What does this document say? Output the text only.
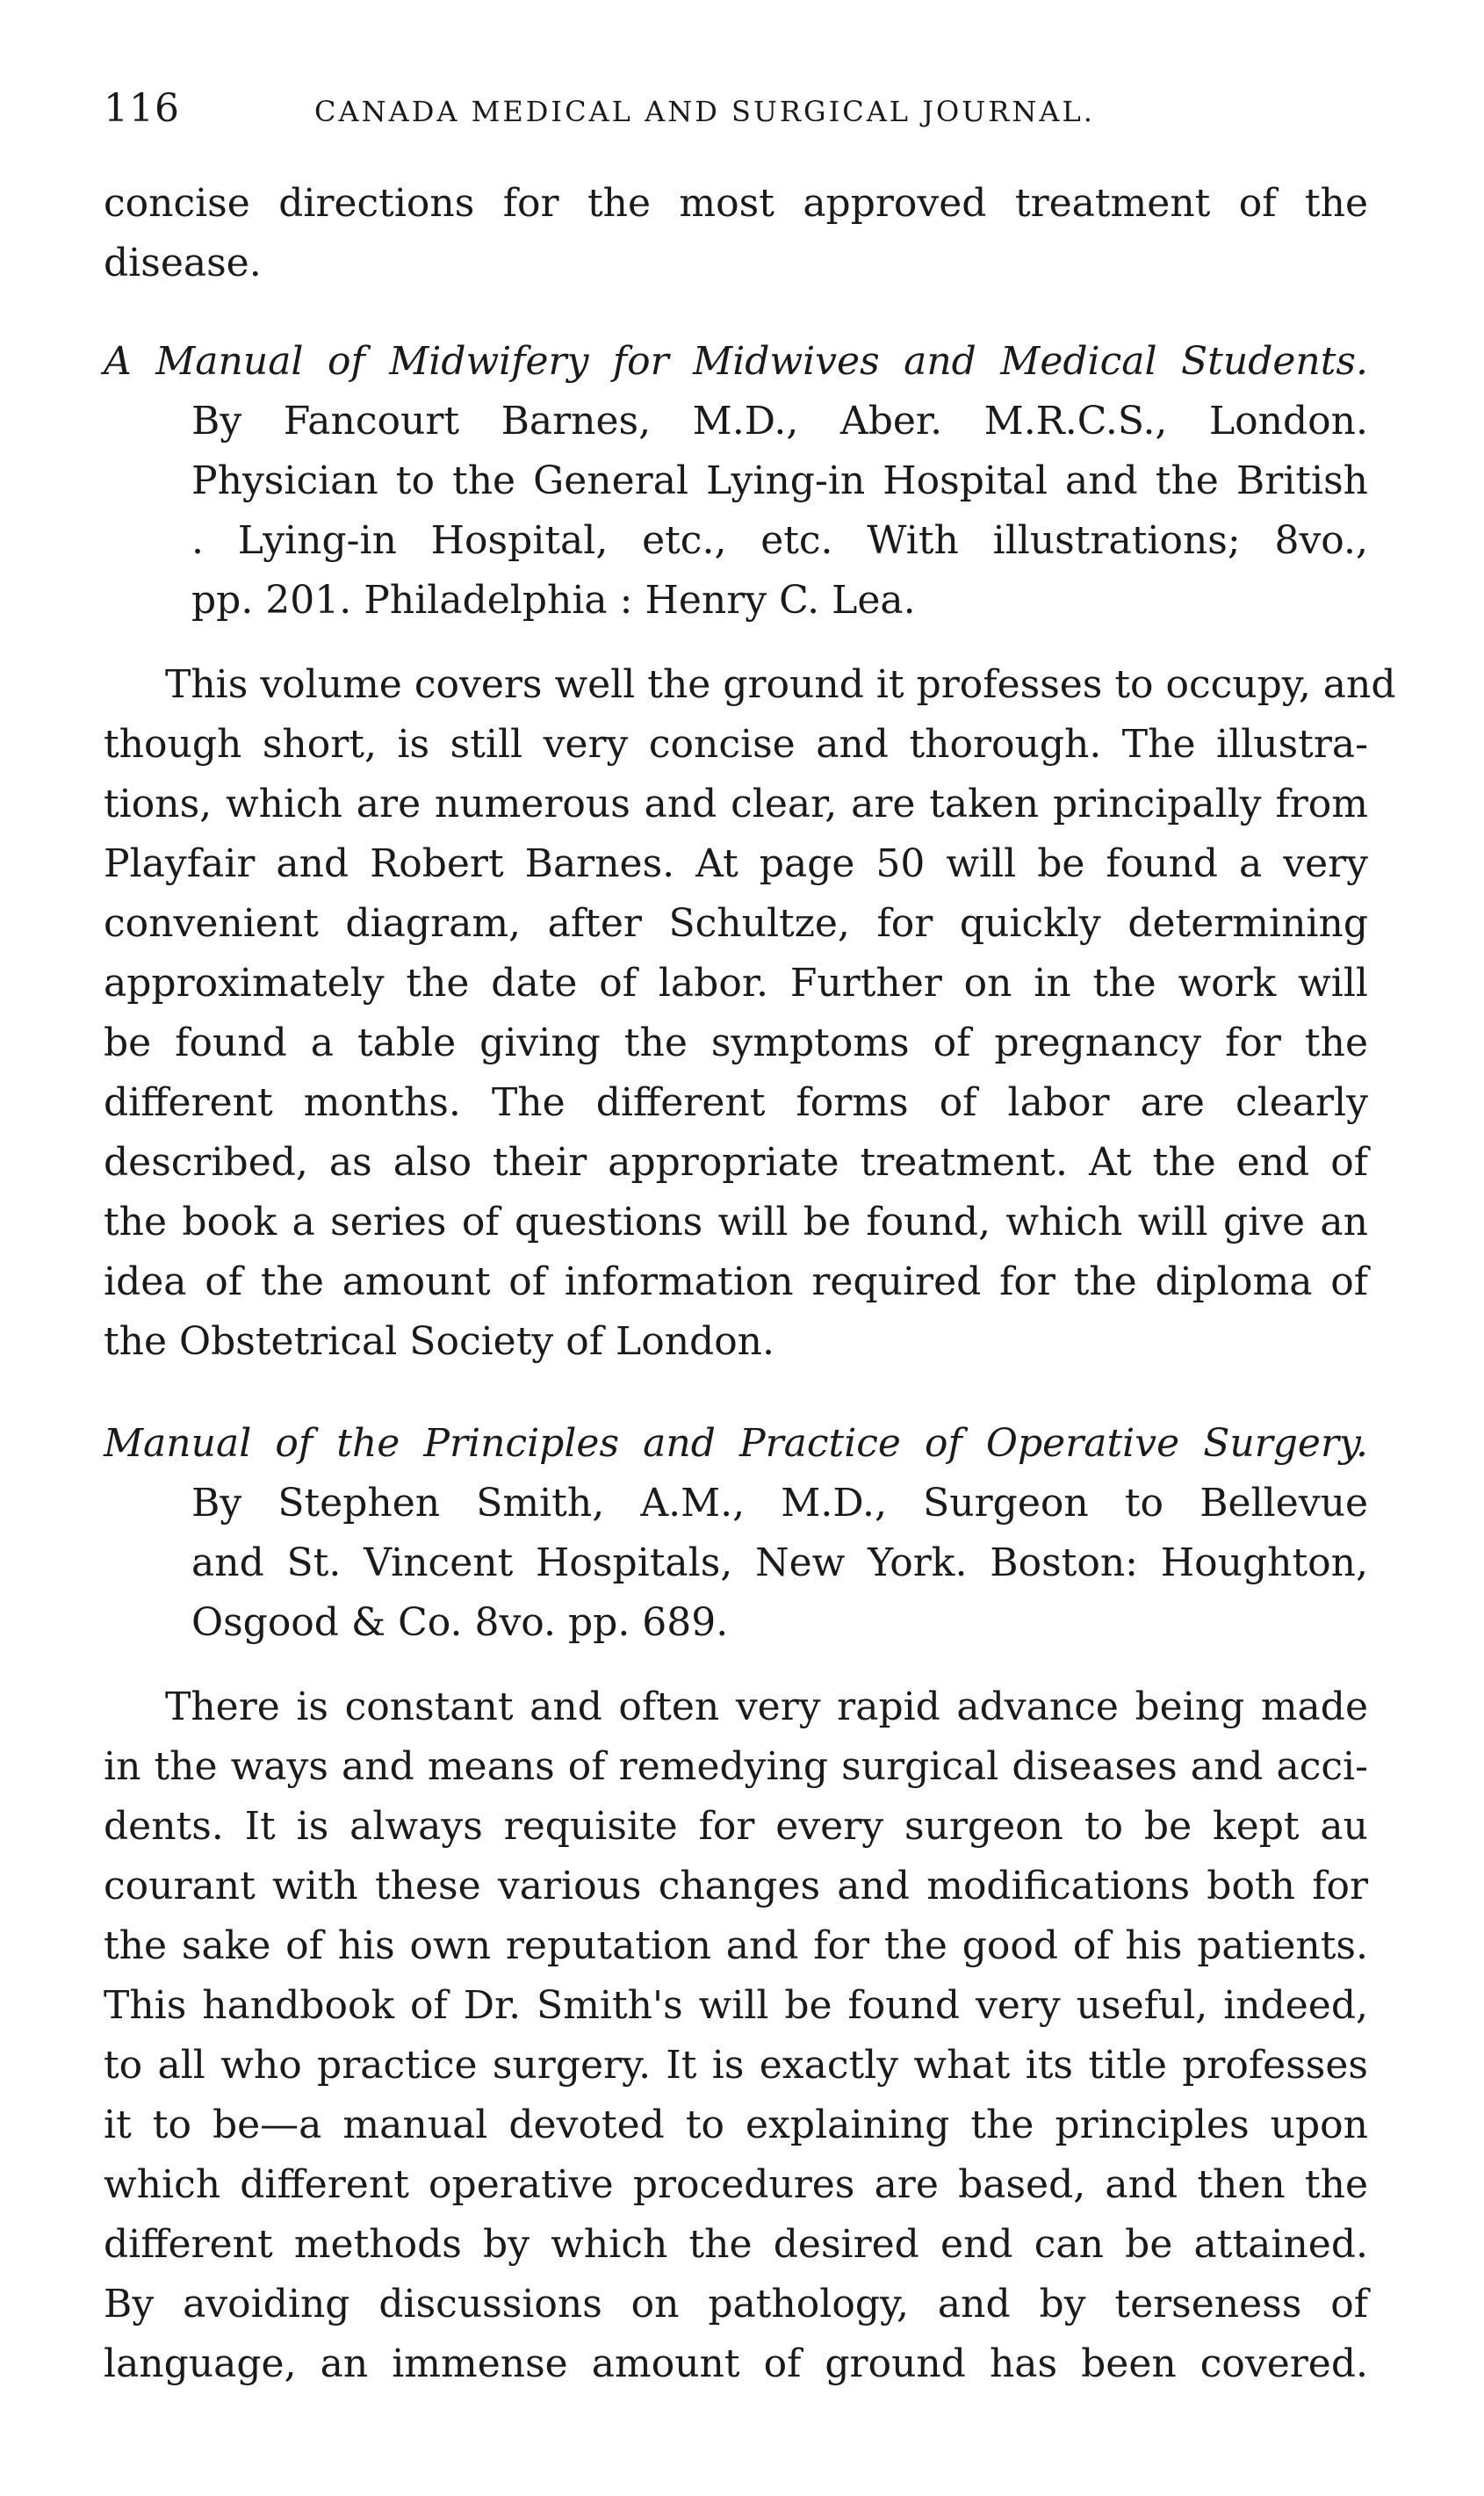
116	CANADA MEDICAL AND SURGICAL JOURNAL.
concise directions for the most approved treatment of the
disease.
A Manual of Midwifery for Midwives and Medical Students.
By Fancourt Barnes, M.D., Aber. M.R.C.S., London.
Physician to the General Lying-in Hospital and the British
. Lying-in Hospital, etc., etc. With illustrations; 8vo.,
pp. 201. Philadelphia : Henry C. Lea.
This volume covers well the ground it professes to occupy, and
though short, is still very concise and thorough. The illustra-
tions, which are numerous and clear, are taken principally from
Playfair and Robert Barnes. At page 50 will be found a very
convenient diagram, after Schultze, for quickly determining
approximately the date of labor. Further on in the work will
be found a table giving the symptoms of pregnancy for the
different months. The different forms of labor are clearly
described, as also their appropriate treatment. At the end of
the book a series of questions will be found, which will give an
idea of the amount of information required for the diploma of
the Obstetrical Society of London.
Manual of the Principles and Practice of Operative Surgery.
By Stephen Smith, A.M., M.D., Surgeon to Bellevue
and St. Vincent Hospitals, New York. Boston: Houghton,
Osgood & Co. 8vo. pp. 689.
There is constant and often very rapid advance being made
in the ways and means of remedying surgical diseases and acci-
dents. It is always requisite for every surgeon to be kept au
courant with these various changes and modifications both for
the sake of his own reputation and for the good of his patients.
This handbook of Dr. Smith's will be found very useful, indeed,
to all who practice surgery. It is exactly what its title professes
it to be—a manual devoted to explaining the principles upon
which different operative procedures are based, and then the
different methods by which the desired end can be attained.
By avoiding discussions on pathology, and by terseness of
language, an immense amount of ground has been covered.
